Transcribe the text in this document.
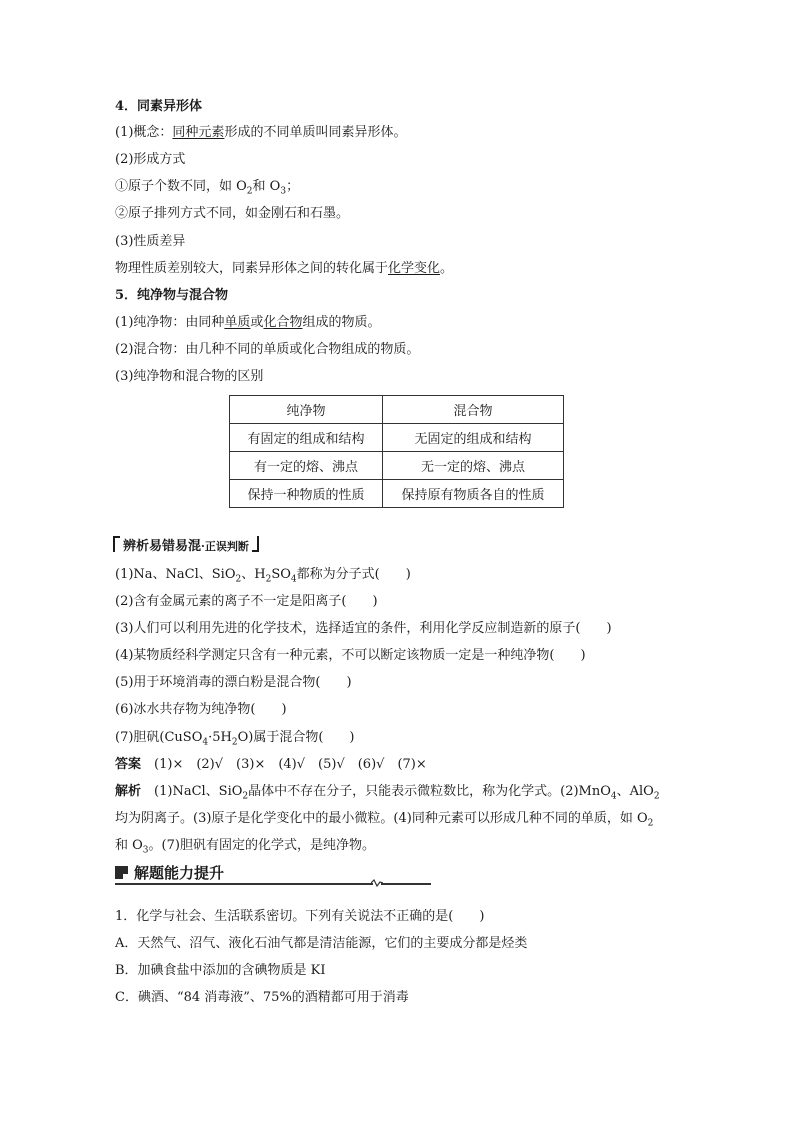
4．同素异形体
(1)概念：同种元素形成的不同单质叫同素异形体。
(2)形成方式
①原子个数不同，如 $O_2$和 $O_3$；
②原子排列方式不同，如金刚石和石墨。
(3)性质差异
物理性质差别较大，同素异形体之间的转化属于化学变化。
5．纯净物与混合物
(1)纯净物：由同种单质或化合物组成的物质。
(2)混合物：由几种不同的单质或化合物组成的物质。
(3)纯净物和混合物的区别
纯净物	混合物
有固定的组成和结构	无固定的组成和结构
有一定的熔、沸点	无一定的熔、沸点
保持一种物质的性质	保持原有物质各自的性质
辨析易错易混·正误判断
(1)Na、NaCl、SiO$_2$、$H_2SO_4$都称为分子式(　　)
(2)含有金属元素的离子不一定是阳离子(　　)
(3)人们可以利用先进的化学技术，选择适宜的条件，利用化学反应制造新的原子(　　)
(4)某物质经科学测定只含有一种元素，不可以断定该物质一定是一种纯净物(　　)
(5)用于环境消毒的漂白粉是混合物(　　)
(6)冰水共存物为纯净物(　　)
(7)胆矾$(CuSO_4\cdot 5H_2O)$属于混合物(　　)
答案　 (1)×　(2)√　(3)×　(4)√　(5)√　(6)√　(7)×
解析　 (1)NaCl、SiO$_2$晶体中不存在分子，只能表示微粒数比，称为化学式。(2)MnO$_4$、AlO$_2$
均为阴离子。(3)原子是化学变化中的最小微粒。(4)同种元素可以形成几种不同的单质，如 $O_2$
和 $O_3$。(7)胆矾有固定的化学式，是纯净物。
解题能力提升
1．化学与社会、生活联系密切。下列有关说法不正确的是(　　)
A．天然气、沼气、液化石油气都是清洁能源，它们的主要成分都是烃类
B．加碘食盐中添加的含碘物质是 KI
C．碘酒、“84 消毒液”、75%的酒精都可用于消毒
